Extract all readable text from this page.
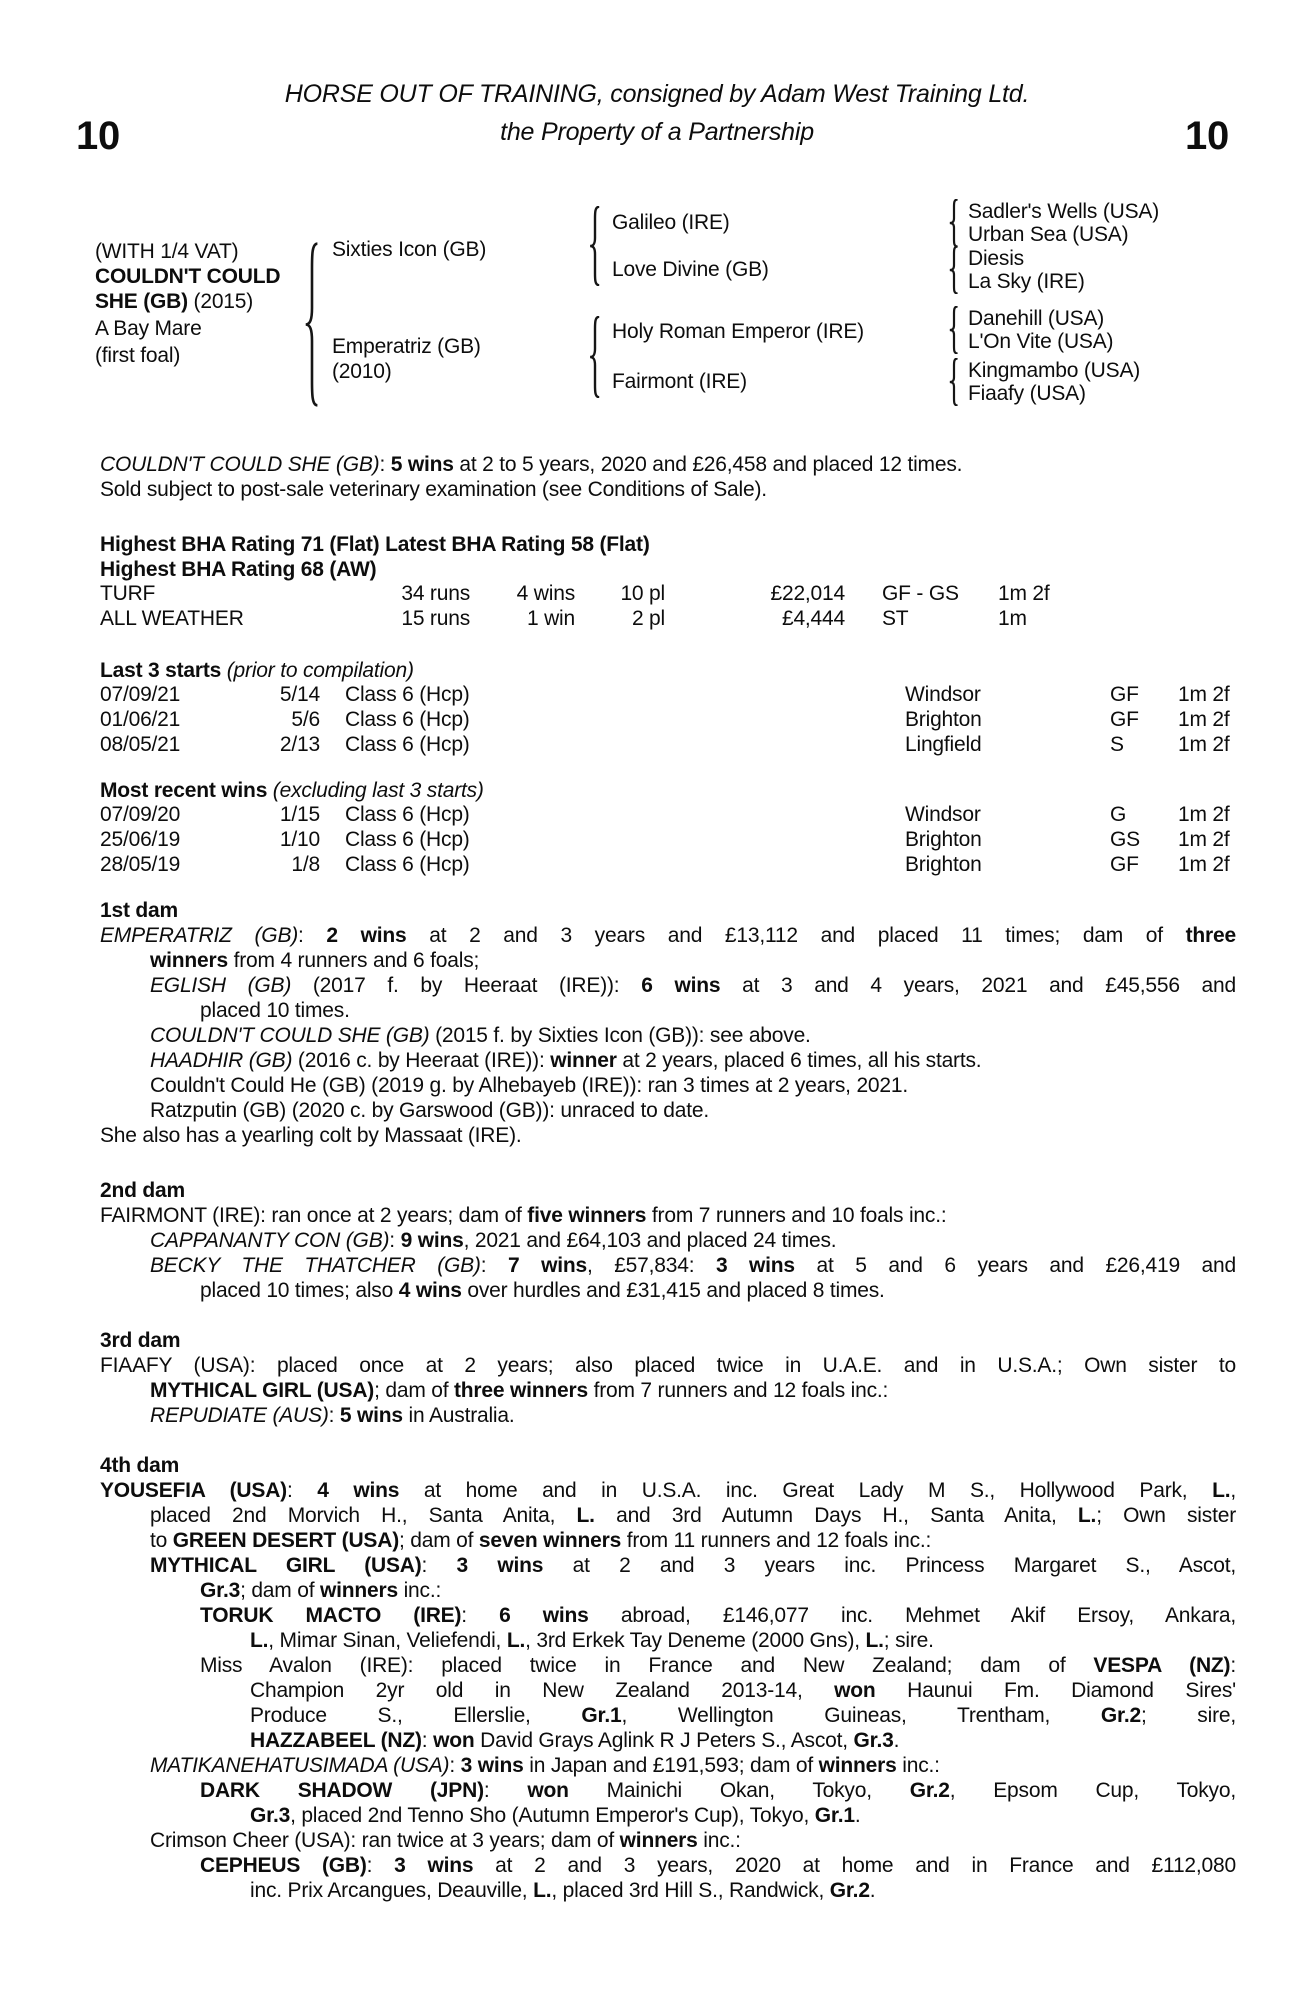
HORSE OUT OF TRAINING, consigned by Adam West Training Ltd.
the Property of a Partnership
10	10
(WITH 1/4 VAT)
COULDN'T COULD
SHE (GB) (2015)
A Bay Mare
(first foal)
Sixties Icon (GB)
Emperatriz (GB)
(2010)
Galileo (IRE)
Love Divine (GB)
Holy Roman Emperor (IRE)
Fairmont (IRE)
Sadler's Wells (USA)
Urban Sea (USA)
Diesis
La Sky (IRE)
Danehill (USA)
L'On Vite (USA)
Kingmambo (USA)
Fiaafy (USA)
COULDN'T COULD SHE (GB): 5 wins at 2 to 5 years, 2020 and £26,458 and placed 12 times.
Sold subject to post-sale veterinary examination (see Conditions of Sale).
Highest BHA Rating 71 (Flat) Latest BHA Rating 58 (Flat)
Highest BHA Rating 68 (AW)
TURF	34 runs	4 wins	10 pl	£22,014 GF - GS 1m 2f
ALL WEATHER	15 runs	1 win	2 pl	£4,444 ST	1m
Last 3 starts (prior to compilation)
07/09/21	5/14 Class 6 (Hcp)	Windsor	GF 1m 2f
01/06/21	5/6 Class 6 (Hcp)	Brighton	GF 1m 2f
08/05/21	2/13 Class 6 (Hcp)	Lingfield	S	1m 2f
Most recent wins (excluding last 3 starts)
07/09/20	1/15 Class 6 (Hcp)	Windsor	G 1m 2f
25/06/19	1/10 Class 6 (Hcp)	Brighton	GS 1m 2f
28/05/19	1/8 Class 6 (Hcp)	Brighton	GF 1m 2f
1st dam
EMPERATRIZ (GB): 2 wins at 2 and 3 years and £13,112 and placed 11 times; dam of three
winners from 4 runners and 6 foals;
EGLISH (GB) (2017 f. by Heeraat (IRE)): 6 wins at 3 and 4 years, 2021 and £45,556 and
placed 10 times.
COULDN'T COULD SHE (GB) (2015 f. by Sixties Icon (GB)): see above.
HAADHIR (GB) (2016 c. by Heeraat (IRE)): winner at 2 years, placed 6 times, all his starts.
Couldn't Could He (GB) (2019 g. by Alhebayeb (IRE)): ran 3 times at 2 years, 2021.
Ratzputin (GB) (2020 c. by Garswood (GB)): unraced to date.
She also has a yearling colt by Massaat (IRE).
2nd dam
FAIRMONT (IRE): ran once at 2 years; dam of five winners from 7 runners and 10 foals inc.:
CAPPANANTY CON (GB): 9 wins, 2021 and £64,103 and placed 24 times.
BECKY THE THATCHER (GB): 7 wins, £57,834: 3 wins at 5 and 6 years and £26,419 and
placed 10 times; also 4 wins over hurdles and £31,415 and placed 8 times.
3rd dam
FIAAFY (USA): placed once at 2 years; also placed twice in U.A.E. and in U.S.A.; Own sister to
MYTHICAL GIRL (USA); dam of three winners from 7 runners and 12 foals inc.:
REPUDIATE (AUS): 5 wins in Australia.
4th dam
YOUSEFIA (USA): 4 wins at home and in U.S.A. inc. Great Lady M S., Hollywood Park, L.,
placed 2nd Morvich H., Santa Anita, L. and 3rd Autumn Days H., Santa Anita, L.; Own sister
to GREEN DESERT (USA); dam of seven winners from 11 runners and 12 foals inc.:
MYTHICAL GIRL (USA): 3 wins at 2 and 3 years inc. Princess Margaret S., Ascot,
Gr.3; dam of winners inc.:
TORUK MACTO (IRE): 6 wins abroad, £146,077 inc. Mehmet Akif Ersoy, Ankara,
L., Mimar Sinan, Veliefendi, L., 3rd Erkek Tay Deneme (2000 Gns), L.; sire.
Miss Avalon (IRE): placed twice in France and New Zealand; dam of VESPA (NZ):
Champion 2yr old in New Zealand 2013-14, won Haunui Fm. Diamond Sires'
Produce S., Ellerslie, Gr.1, Wellington Guineas, Trentham, Gr.2; sire,
HAZZABEEL (NZ): won David Grays Aglink R J Peters S., Ascot, Gr.3.
MATIKANEHATUSIMADA (USA): 3 wins in Japan and £191,593; dam of winners inc.:
DARK SHADOW (JPN): won Mainichi Okan, Tokyo, Gr.2, Epsom Cup, Tokyo,
Gr.3, placed 2nd Tenno Sho (Autumn Emperor's Cup), Tokyo, Gr.1.
Crimson Cheer (USA): ran twice at 3 years; dam of winners inc.:
CEPHEUS (GB): 3 wins at 2 and 3 years, 2020 at home and in France and £112,080
inc. Prix Arcangues, Deauville, L., placed 3rd Hill S., Randwick, Gr.2.
